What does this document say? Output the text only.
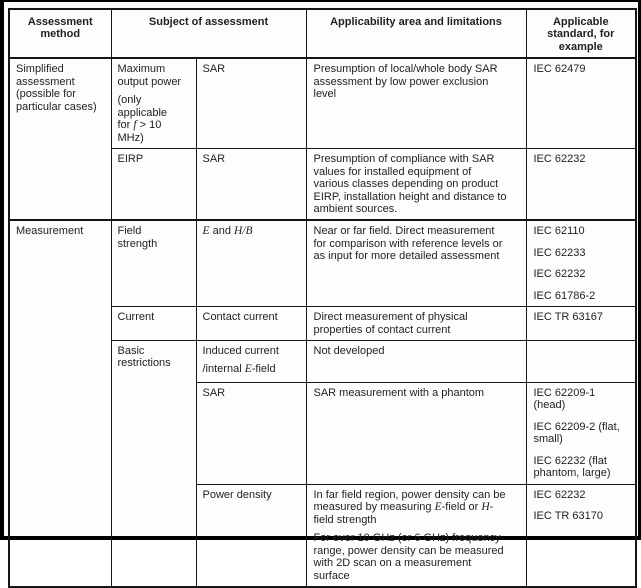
Assessment method	Subject of assessment		Applicability area and limitations	Applicable standard, for example

Simplified assessment (possible for particular cases)	Maximum output power
(only applicable for f > 10 MHz)	SAR	Presumption of local/whole body SAR assessment by low power exclusion level	IEC 62479

	EIRP	SAR	Presumption of compliance with SAR values for installed equipment of various classes depending on product EIRP, installation height and distance to ambient sources.	IEC 62232

Measurement	Field strength	E and H/B	Near or far field. Direct measurement for comparison with reference levels or as input for more detailed assessment	IEC 62110
IEC 62233
IEC 62232
IEC 61786-2

	Current	Contact current	Direct measurement of physical properties of contact current	IEC TR 63167

	Basic restrictions	Induced current
/internal E-field	Not developed	

		SAR	SAR measurement with a phantom	IEC 62209-1 (head)
IEC 62209-2 (flat, small)
IEC 62232 (flat phantom, large)

Power density	In far field region, power density can be measured by measuring E-field or H-field strength
For over 10 GHz (or 6 GHz) frequency range, power density can be measured with 2D scan on a measurement surface

IEC 62232
IEC TR 63170
